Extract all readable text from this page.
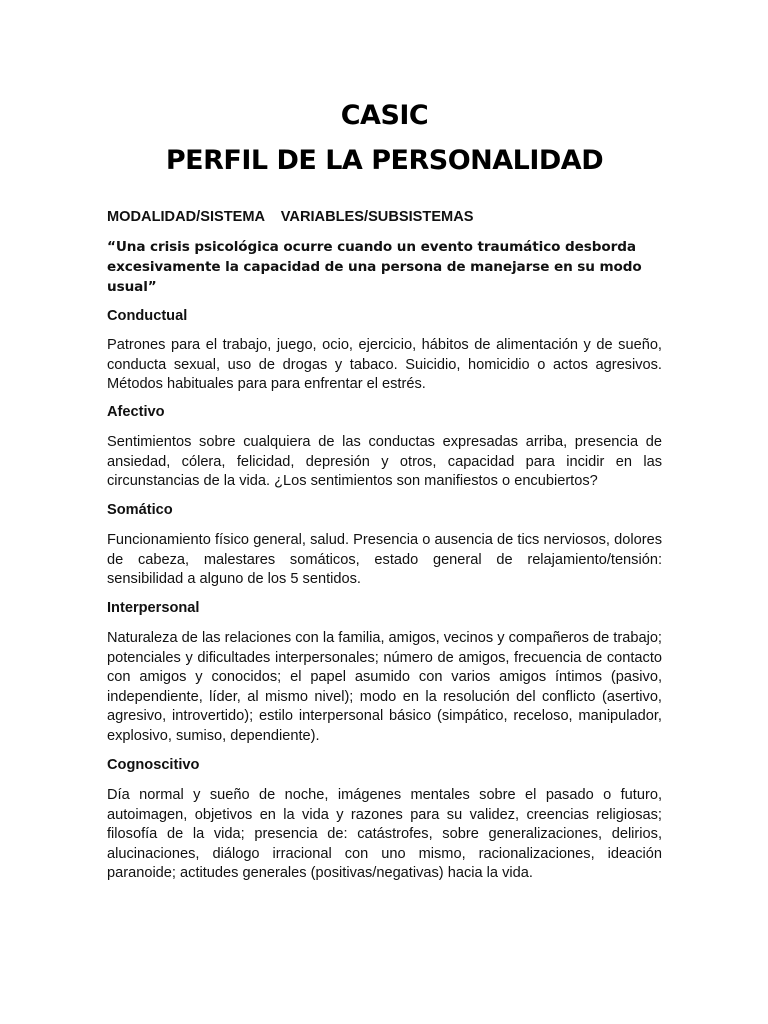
CASIC
PERFIL DE LA PERSONALIDAD

MODALIDAD/SISTEMA    VARIABLES/SUBSISTEMAS

“Una crisis psicológica ocurre cuando un evento traumático desborda excesivamente la capacidad de una persona de manejarse en su modo usual”

Conductual

Patrones para el trabajo, juego, ocio, ejercicio, hábitos de alimentación y de sueño, conducta sexual, uso de drogas y tabaco. Suicidio, homicidio o actos agresivos. Métodos habituales para para enfrentar el estrés.

Afectivo

Sentimientos sobre cualquiera de las conductas expresadas arriba, presencia de ansiedad, cólera, felicidad, depresión y otros, capacidad para incidir en las circunstancias de la vida. ¿Los sentimientos son manifiestos o encubiertos?

Somático

Funcionamiento físico general, salud. Presencia o ausencia de tics nerviosos, dolores de cabeza, malestares somáticos, estado general de relajamiento/tensión: sensibilidad a alguno de los 5 sentidos.

Interpersonal

Naturaleza de las relaciones con la familia, amigos, vecinos y compañeros de trabajo; potenciales y dificultades interpersonales; número de amigos, frecuencia de contacto con amigos y conocidos; el papel asumido con varios amigos íntimos (pasivo, independiente, líder, al mismo nivel); modo en la resolución del conflicto (asertivo, agresivo, introvertido); estilo interpersonal básico (simpático, receloso, manipulador, explosivo, sumiso, dependiente).

Cognoscitivo

Día normal y sueño de noche, imágenes mentales sobre el pasado o futuro, autoimagen, objetivos en la vida y razones para su validez, creencias religiosas; filosofía de la vida; presencia de: catástrofes, sobre generalizaciones, delirios, alucinaciones, diálogo irracional con uno mismo, racionalizaciones, ideación paranoide; actitudes generales (positivas/negativas) hacia la vida.
